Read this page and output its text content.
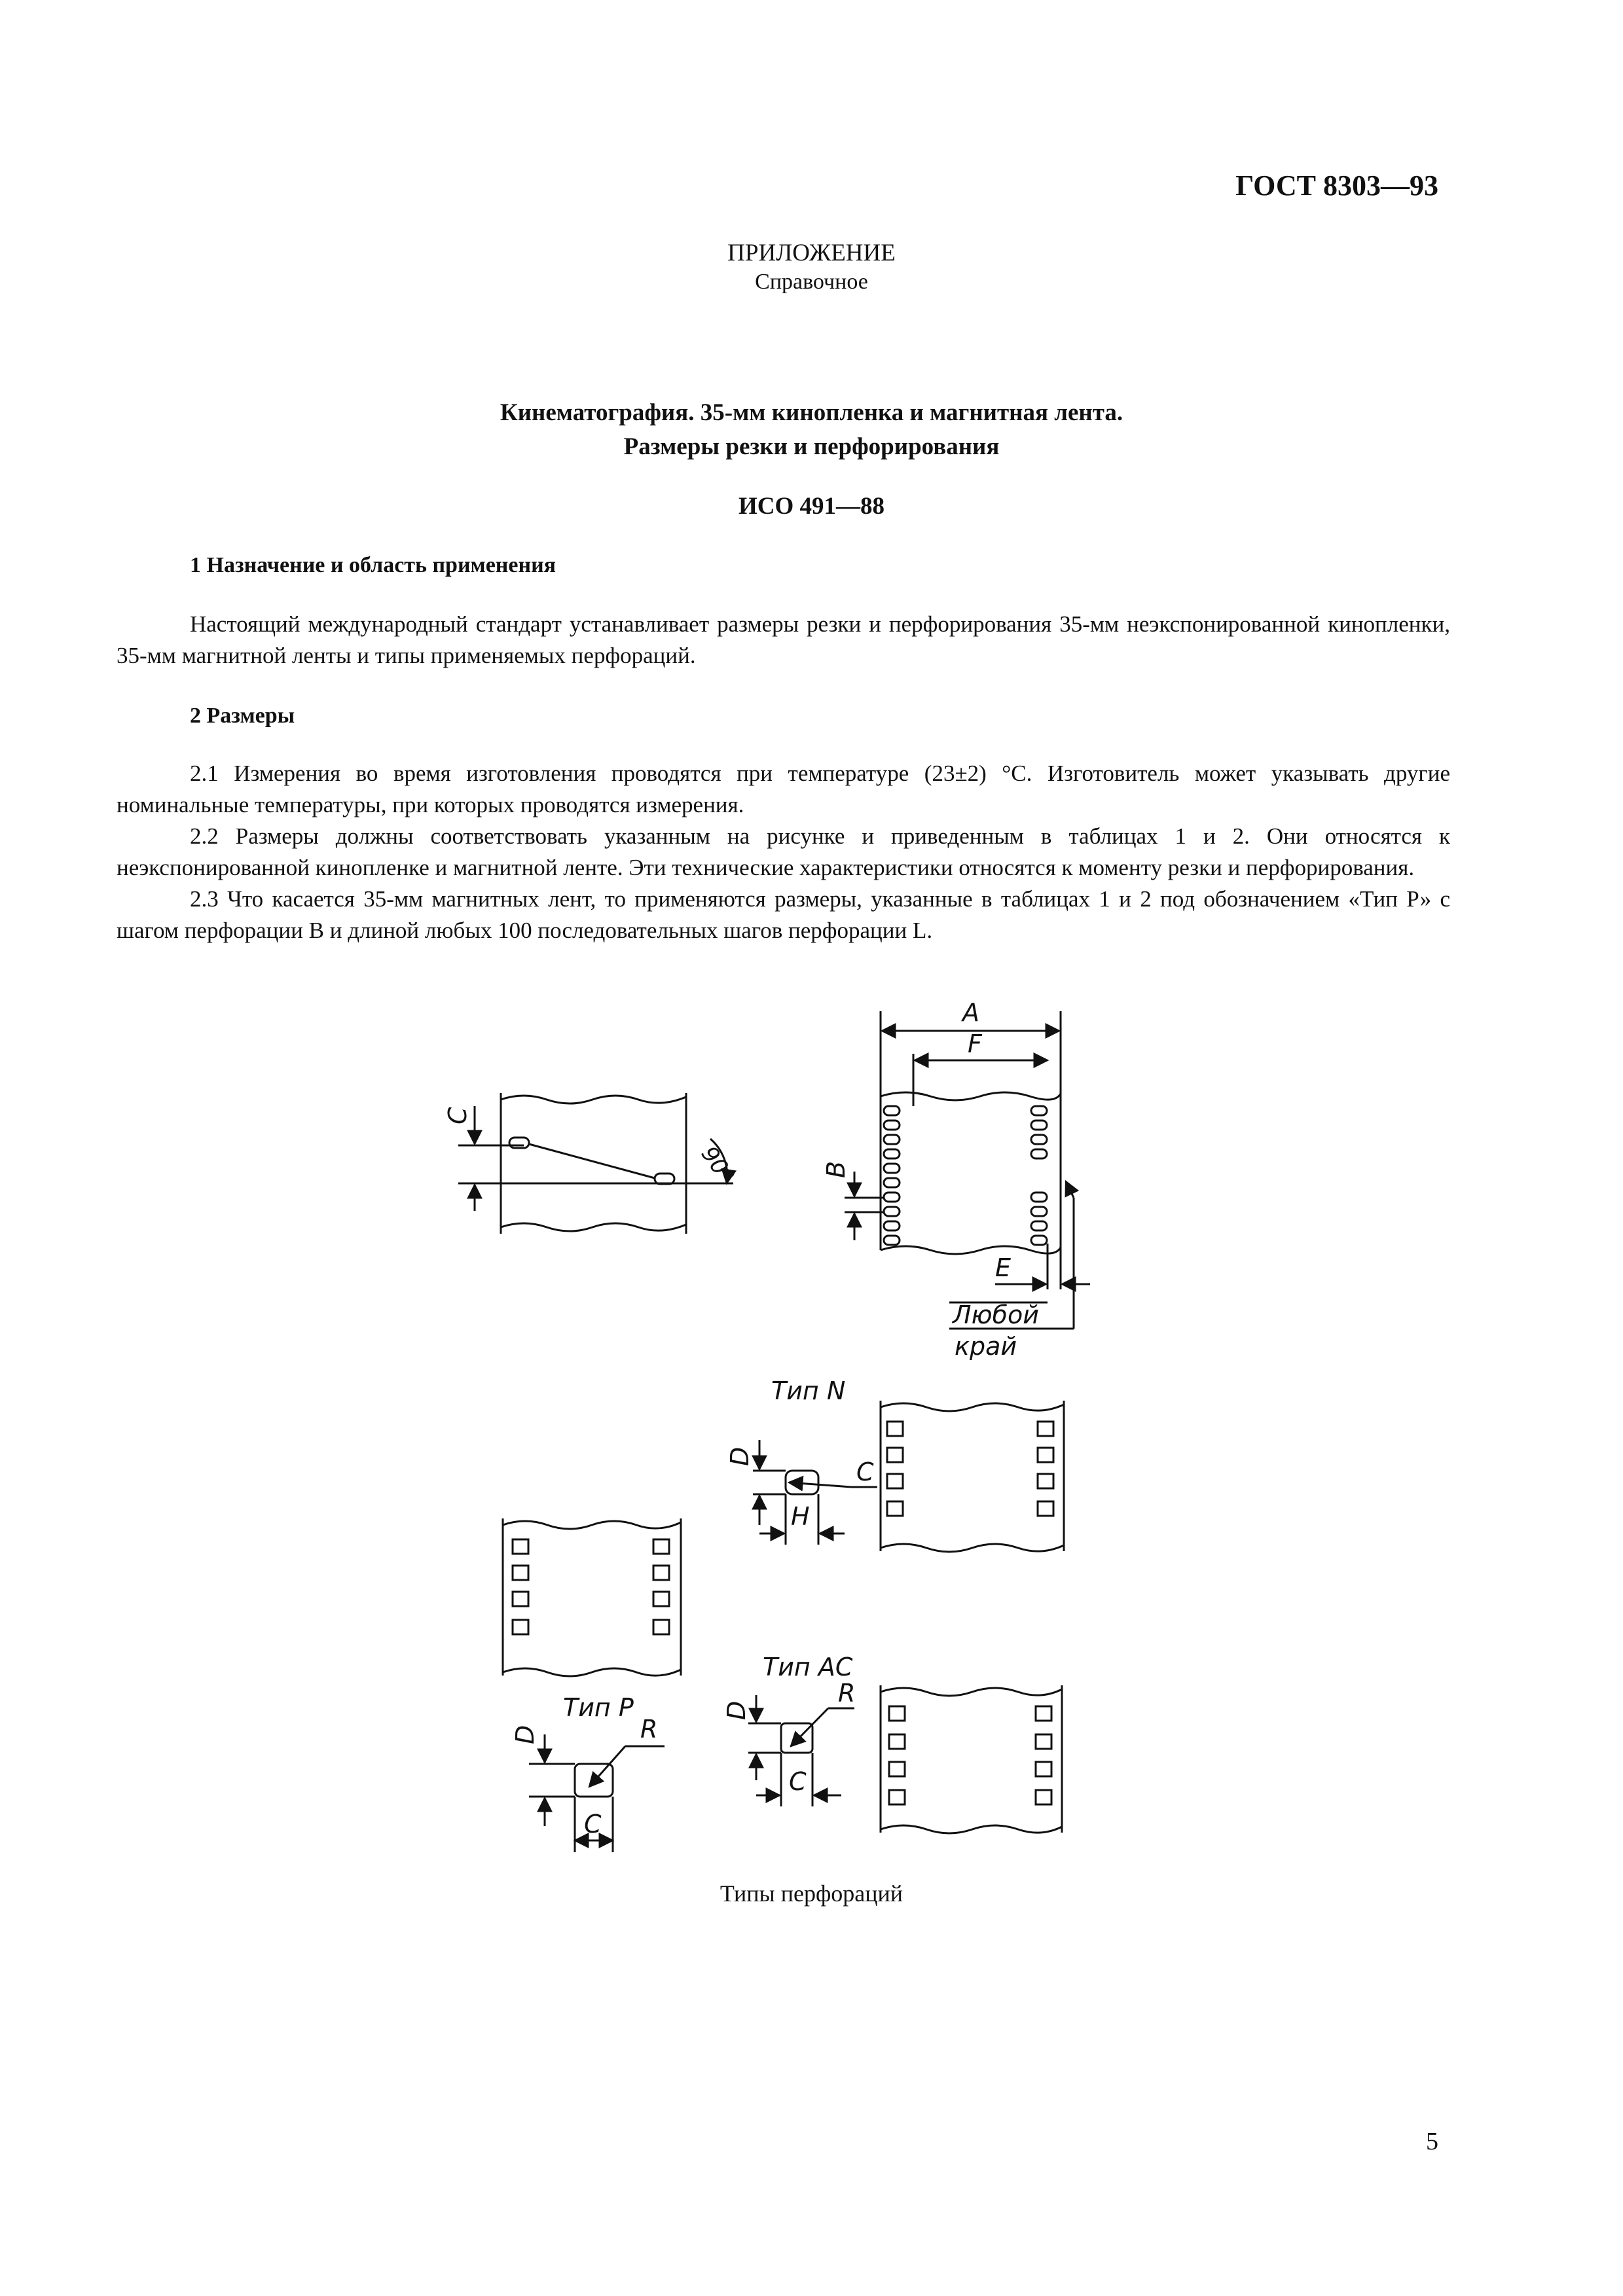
ГОСТ 8303—93
ПРИЛОЖЕНИЕ
Справочное
Кинематография. 35-мм кинопленка и магнитная лента.
Размеры резки и перфорирования
ИСО 491—88
1 Назначение и область применения

Настоящий международный стандарт устанавливает размеры резки и перфорирования 35-мм неэкспонированной кинопленки, 35-мм магнитной ленты и типы применяемых перфораций.

2 Размеры

2.1 Измерения во время изготовления проводятся при температуре (23±2) °С. Изготовитель может указывать другие номинальные температуры, при которых проводятся измерения.

2.2 Размеры должны соответствовать указанным на рисунке и приведенным в таблицах 1 и 2. Они относятся к неэкспонированной кинопленке и магнитной ленте. Эти технические характеристики относятся к моменту резки и перфорирования.

2.3 Что касается 35-мм магнитных лент, то применяются размеры, указанные в таблицах 1 и 2 под обозначением «Тип Р» с шагом перфорации B и длиной любых 100 последовательных шагов перфорации L.

A
F
B
C
90°
E
Любой
край
Тип N
D
C
H
Тип AC
D
R
C
Тип P
D	R
C
Типы перфораций
5
